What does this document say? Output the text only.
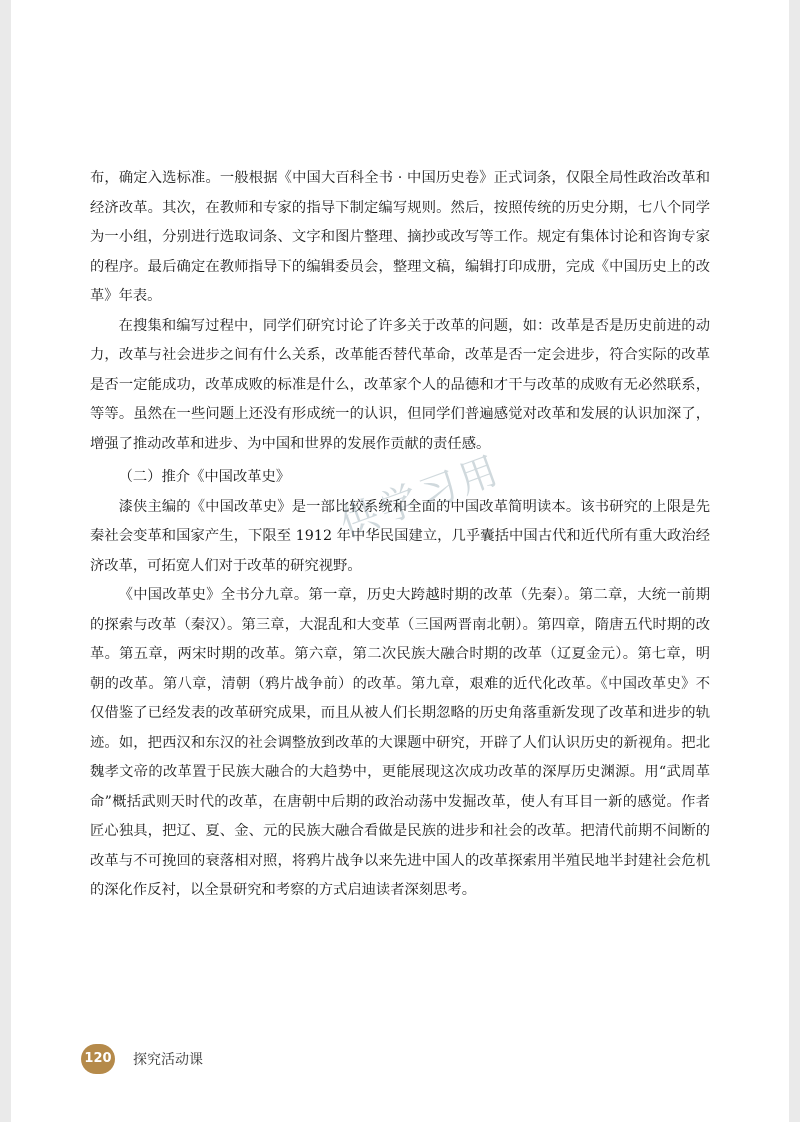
布，确定入选标准。一般根据《中国大百科全书 · 中国历史卷》正式词条，仅限全局性政治改革和经济改革。其次，在教师和专家的指导下制定编写规则。然后，按照传统的历史分期，七八个同学为一小组，分别进行选取词条、文字和图片整理、摘抄或改写等工作。规定有集体讨论和咨询专家的程序。最后确定在教师指导下的编辑委员会，整理文稿，编辑打印成册，完成《中国历史上的改革》年表。

在搜集和编写过程中，同学们研究讨论了许多关于改革的问题，如：改革是否是历史前进的动力，改革与社会进步之间有什么关系，改革能否替代革命，改革是否一定会进步，符合实际的改革是否一定能成功，改革成败的标准是什么，改革家个人的品德和才干与改革的成败有无必然联系，等等。虽然在一些问题上还没有形成统一的认识，但同学们普遍感觉对改革和发展的认识加深了，增强了推动改革和进步、为中国和世界的发展作贡献的责任感。

（二）推介《中国改革史》

漆侠主编的《中国改革史》是一部比较系统和全面的中国改革简明读本。该书研究的上限是先秦社会变革和国家产生，下限至 1912 年中华民国建立，几乎囊括中国古代和近代所有重大政治经济改革，可拓宽人们对于改革的研究视野。

《中国改革史》全书分九章。第一章，历史大跨越时期的改革（先秦）。第二章，大统一前期的探索与改革（秦汉）。第三章，大混乱和大变革（三国两晋南北朝）。第四章，隋唐五代时期的改革。第五章，两宋时期的改革。第六章，第二次民族大融合时期的改革（辽夏金元）。第七章，明朝的改革。第八章，清朝（鸦片战争前）的改革。第九章，艰难的近代化改革。《中国改革史》不仅借鉴了已经发表的改革研究成果，而且从被人们长期忽略的历史角落重新发现了改革和进步的轨迹。如，把西汉和东汉的社会调整放到改革的大课题中研究，开辟了人们认识历史的新视角。把北魏孝文帝的改革置于民族大融合的大趋势中，更能展现这次成功改革的深厚历史渊源。用“武周革命”概括武则天时代的改革，在唐朝中后期的政治动荡中发掘改革，使人有耳目一新的感觉。作者匠心独具，把辽、夏、金、元的民族大融合看做是民族的进步和社会的改革。把清代前期不间断的改革与不可挽回的衰落相对照，将鸦片战争以来先进中国人的改革探索用半殖民地半封建社会危机的深化作反衬，以全景研究和考察的方式启迪读者深刻思考。

供学习用
120 探究活动课
